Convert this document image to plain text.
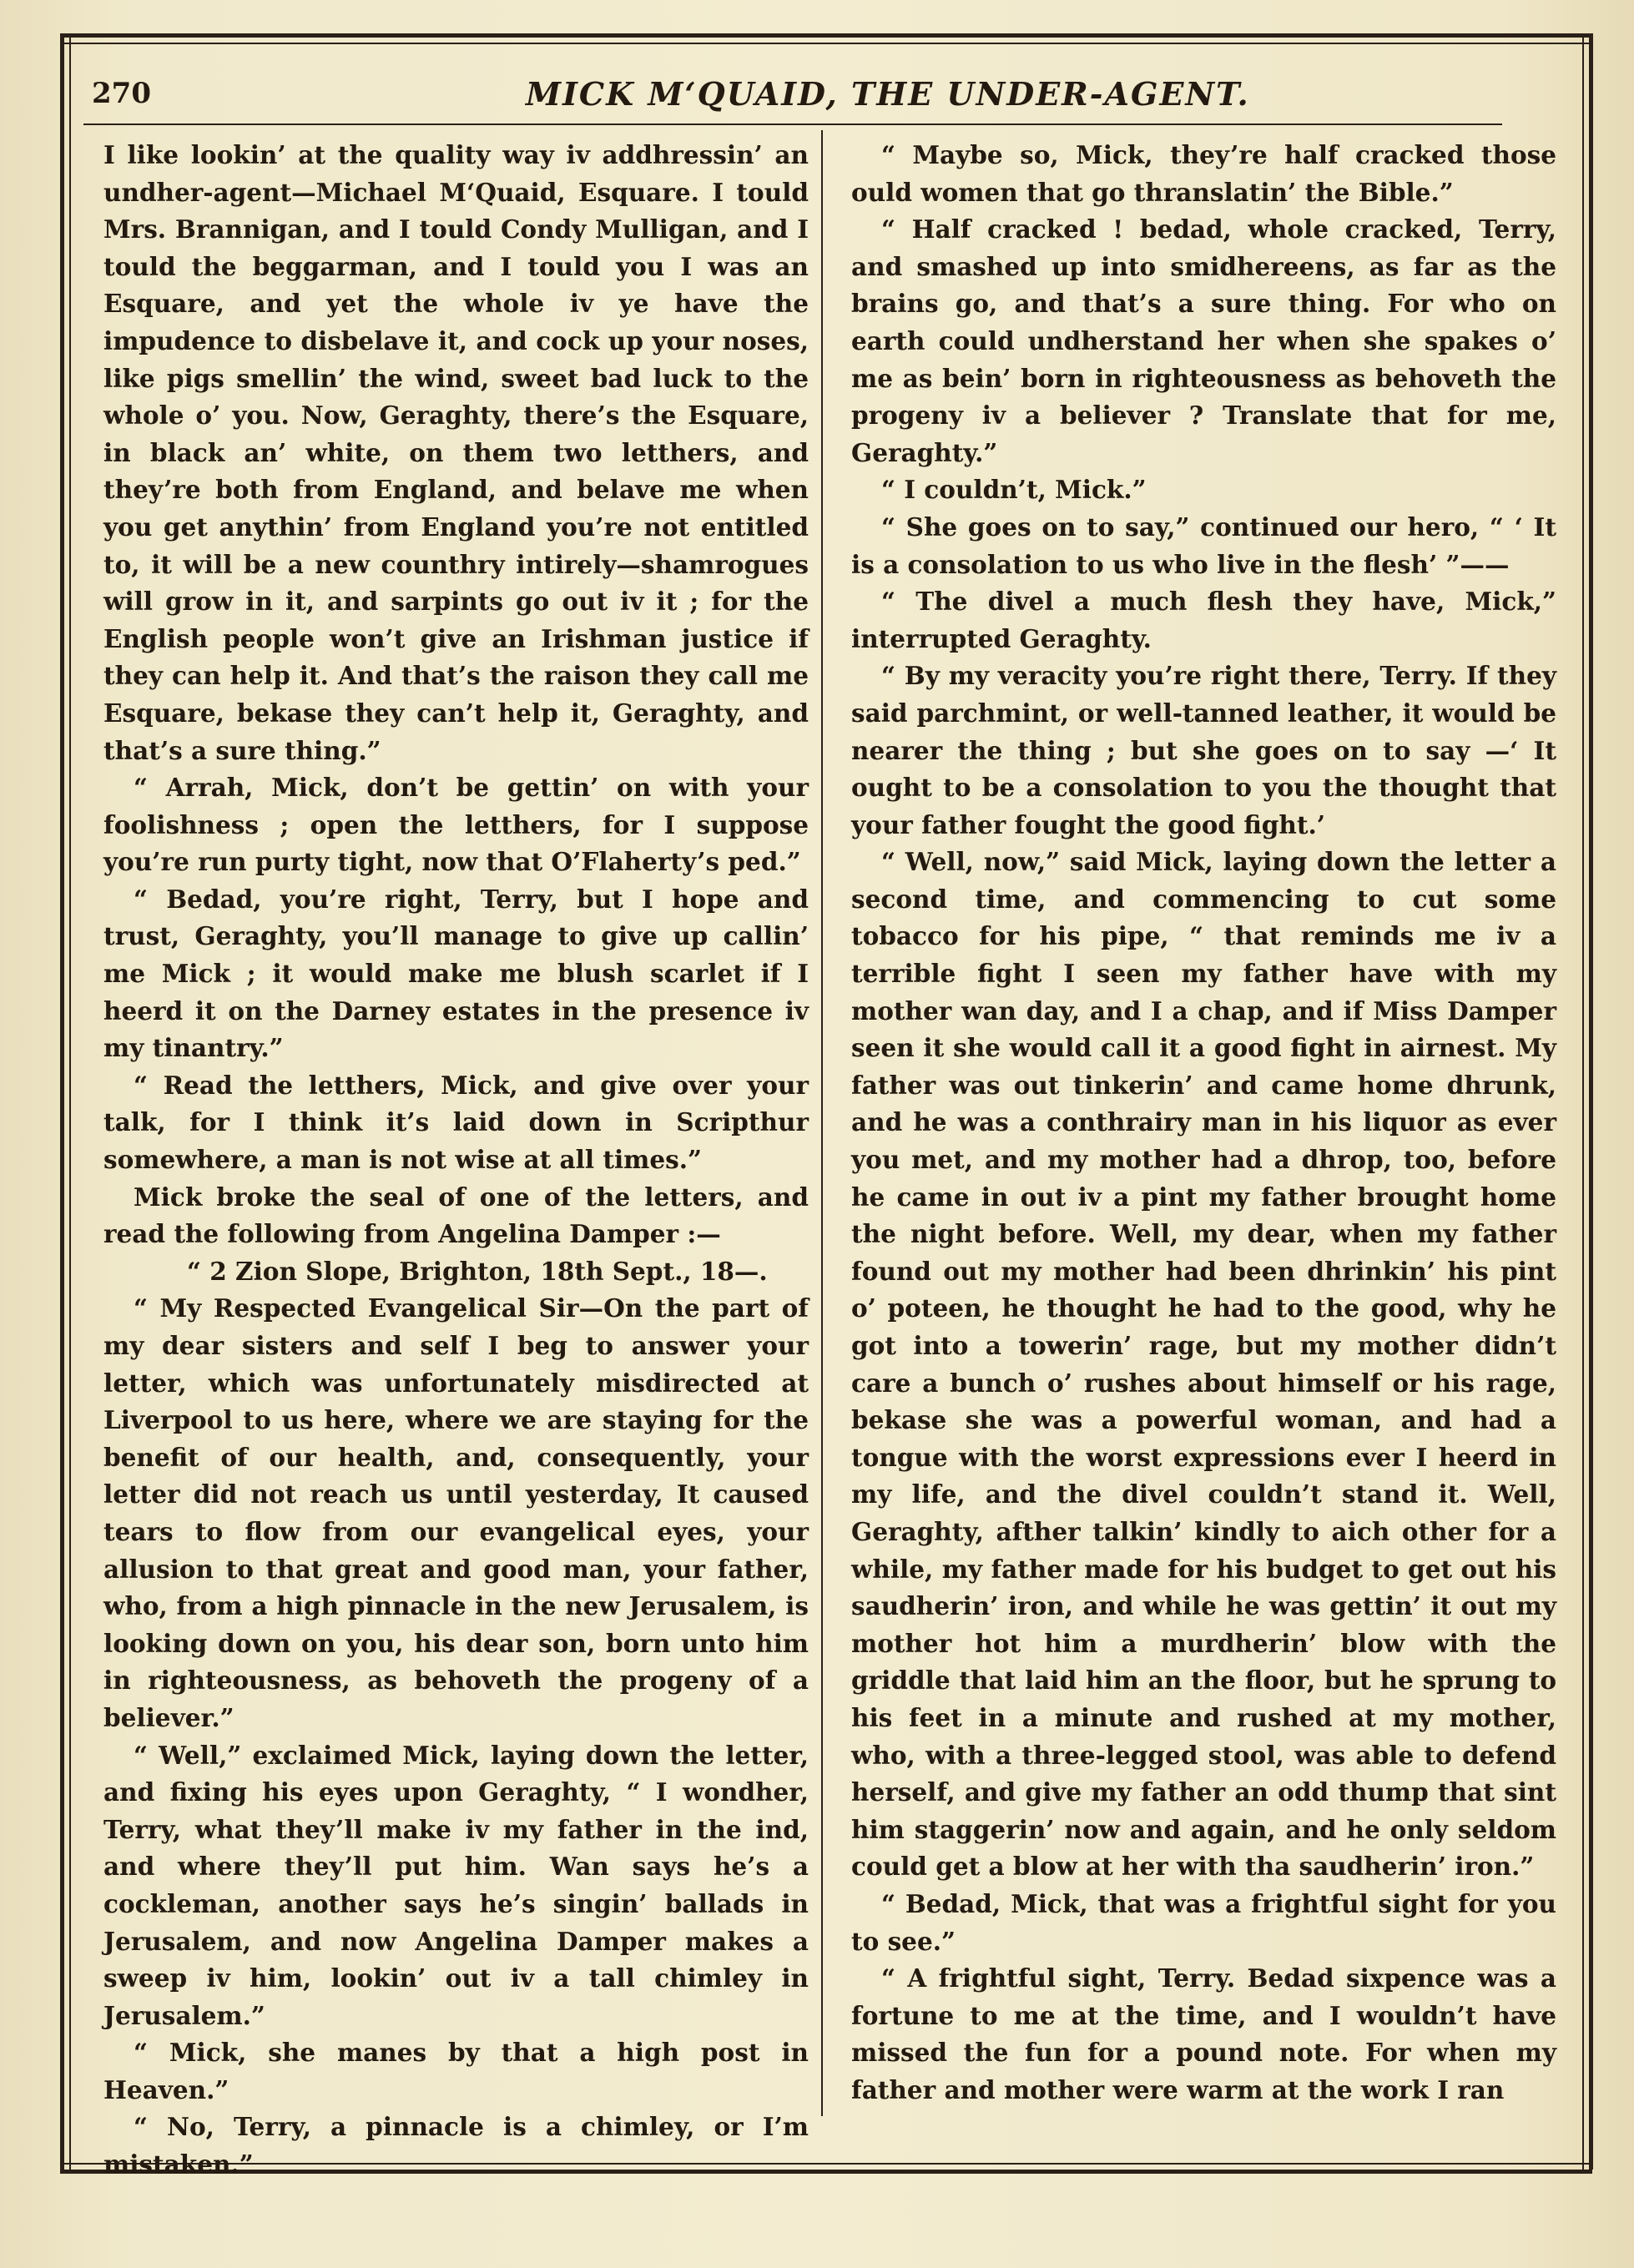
270	MICK M‘QUAID, THE UNDER-AGENT.

I like lookin’ at the quality way iv addhressin’ an undher-agent—Michael M‘Quaid, Esquare. I tould Mrs. Brannigan, and I tould Condy Mulligan, and I tould the beggarman, and I tould you I was an Esquare, and yet the whole iv ye have the impudence to disbelave it, and cock up your noses, like pigs smellin’ the wind, sweet bad luck to the whole o’ you. Now, Geraghty, there’s the Esquare, in black an’ white, on them two letthers, and they’re both from England, and belave me when you get anythin’ from England you’re not entitled to, it will be a new counthry intirely—shamrogues will grow in it, and sarpints go out iv it ; for the English people won’t give an Irishman justice if they can help it. And that’s the raison they call me Esquare, bekase they can’t help it, Geraghty, and that’s a sure thing.”

“ Arrah, Mick, don’t be gettin’ on with your foolishness ; open the letthers, for I suppose you’re run purty tight, now that O’Flaherty’s ped.”

“ Bedad, you’re right, Terry, but I hope and trust, Geraghty, you’ll manage to give up callin’ me Mick ; it would make me blush scarlet if I heerd it on the Darney estates in the presence iv my tinantry.”

“ Read the letthers, Mick, and give over your talk, for I think it’s laid down in Scripthur somewhere, a man is not wise at all times.”

Mick broke the seal of one of the letters, and read the following from Angelina Damper :—

“ 2 Zion Slope, Brighton, 18th Sept., 18—.

“ My Respected Evangelical Sir—On the part of my dear sisters and self I beg to answer your letter, which was unfortunately misdirected at Liverpool to us here, where we are staying for the benefit of our health, and, consequently, your letter did not reach us until yesterday, It caused tears to flow from our evangelical eyes, your allusion to that great and good man, your father, who, from a high pinnacle in the new Jerusalem, is looking down on you, his dear son, born unto him in righteousness, as behoveth the progeny of a believer.”

“ Well,” exclaimed Mick, laying down the letter, and fixing his eyes upon Geraghty, “ I wondher, Terry, what they’ll make iv my father in the ind, and where they’ll put him. Wan says he’s a cockleman, another says he’s singin’ ballads in Jerusalem, and now Angelina Damper makes a sweep iv him, lookin’ out iv a tall chimley in Jerusalem.”

“ Mick, she manes by that a high post in Heaven.”

“ No, Terry, a pinnacle is a chimley, or I’m mistaken.”

“ Maybe so, Mick, they’re half cracked those ould women that go thranslatin’ the Bible.”

“ Half cracked ! bedad, whole cracked, Terry, and smashed up into smidhereens, as far as the brains go, and that’s a sure thing. For who on earth could undherstand her when she spakes o’ me as bein’ born in righteousness as behoveth the progeny iv a believer ? Translate that for me, Geraghty.”

“ I couldn’t, Mick.”

“ She goes on to say,” continued our hero, “ ‘ It is a consolation to us who live in the flesh’ ”——

“ The divel a much flesh they have, Mick,” interrupted Geraghty.

“ By my veracity you’re right there, Terry. If they said parchmint, or well-tanned leather, it would be nearer the thing ; but she goes on to say —‘ It ought to be a consolation to you the thought that your father fought the good fight.’

“ Well, now,” said Mick, laying down the letter a second time, and commencing to cut some tobacco for his pipe, “ that reminds me iv a terrible fight I seen my father have with my mother wan day, and I a chap, and if Miss Damper seen it she would call it a good fight in airnest. My father was out tinkerin’ and came home dhrunk, and he was a conthrairy man in his liquor as ever you met, and my mother had a dhrop, too, before he came in out iv a pint my father brought home the night before. Well, my dear, when my father found out my mother had been dhrinkin’ his pint o’ poteen, he thought he had to the good, why he got into a towerin’ rage, but my mother didn’t care a bunch o’ rushes about himself or his rage, bekase she was a powerful woman, and had a tongue with the worst expressions ever I heerd in my life, and the divel couldn’t stand it. Well, Geraghty, afther talkin’ kindly to aich other for a while, my father made for his budget to get out his saudherin’ iron, and while he was gettin’ it out my mother hot him a murdherin’ blow with the griddle that laid him an the floor, but he sprung to his feet in a minute and rushed at my mother, who, with a three-legged stool, was able to defend herself, and give my father an odd thump that sint him staggerin’ now and again, and he only seldom could get a blow at her with tha saudherin’ iron.”

“ Bedad, Mick, that was a frightful sight for you to see.”

“ A frightful sight, Terry. Bedad sixpence was a fortune to me at the time, and I wouldn’t have missed the fun for a pound note. For when my father and mother were warm at the work I ran
